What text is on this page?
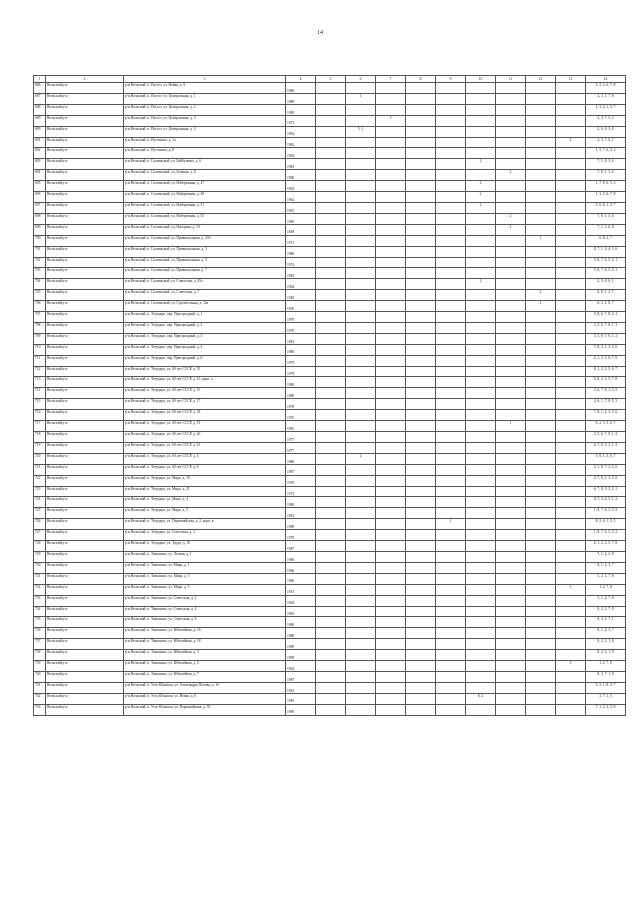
14
1	2	3	4	5	6	7	8	9	10	11	12	13	14
686	Вельский р-н	р-н Вельский, п. Погост, ул. Новая, д. 9	1986										1, 2, 3, 6, 7, 8
687	Вельский р-н	р-н Вельский, п. Погост, ул. Центральная, д. 1	1989		1								2, 3, 5, 7, 8
688	Вельский р-н	р-н Вельский, п. Погост, ул. Центральная, д. 2	1989										1, 3, 2, 1, 5, 7
689	Вельский р-н	р-н Вельский, п. Погост, ул. Центральная, д. 3	1972			3							2, 3, 7, 5, 2
690	Вельский р-н	р-н Вельский, п. Погост, ул. Центральная, д. 4	1992		5, 1								2, 6, 4, 3, 8
691	Вельский р-н	р-н Вельский, п. Пуставаль, д. 1а	1982									2	2, 3, 7, 6, 1
692	Вельский р-н	р-н Вельский, п. Пуставаль, д. 8	1992										1, 5, 7, 6, 3, 2
693	Вельский р-н	р-н Вельский, п. Солгинский, ул. Байбузенко, д. 6	1983						2				7, 1, 8, 3, 6
694	Вельский р-н	р-н Вельский, п. Солгинский, ул. Зеленая, д. 8	1980							2			7, 8, 1, 3, 6
695	Вельский р-н	р-н Вельский, п. Солгинский, ул. Набережная, д. 47	1963						2				1, 7, 8, 6, 5, 3
696	Вельский р-н	р-н Вельский, п. Солгинский, ул. Набережная, д. 49	1962						2				1, 3, 5, 6, 7, 8
697	Вельский р-н	р-н Вельский, п. Солгинский, ул. Набережная, д. 51	1991						2				5, 6, 8, 1, 3, 7
698	Вельский р-н	р-н Вельский, п. Солгинский, ул. Набережная, д. 55	1985							2			7, 8, 1, 3, 6
699	Вельский р-н	р-н Вельский, п. Солгинский, ул. Нагорная, д. 10	1849							2			7, 1, 3, 6, 8
700	Вельский р-н	р-н Вельский, п. Солгинский, ул. Привокзальная, д. 23б	1971								1		6, 8, 2, 7
701	Вельский р-н	р-н Вельский, п. Солгинский, ул. Привокзальная, д. 3	1980										8, 7, 1, 3, 4, 5, 6
702	Вельский р-н	р-н Вельский, п. Солгинский, ул. Привокзальная, д. 5	1974										3, 8, 7, 6, 5, 4, 1
703	Вельский р-н	р-н Вельский, п. Солгинский, ул. Привокзальная, д. 7	1983										5, 8, 7, 6, 5, 4, 1
704	Вельский р-н	р-н Вельский, п. Солгинский, ул. Советская, д. 45а	1962						2				2, 3, 8, 6, 1
705	Вельский р-н	р-н Вельский, п. Солгинский, ул. Советская, д. 7	1949								2		6, 8, 1, 2, 7
706	Вельский р-н	р-н Вельский, п. Солгинский, ул. Строительная, д. 12а	1950								2		6, 2, 1, 8, 7
707	Вельский р-н	р-н Вельский, п. Тегродно, пер. Пригородный, д. 1	1979										5, 8, 6, 7, 8, 2, 1
708	Вельский р-н	р-н Вельский, п. Тегродно, пер. Пригородный, д. 2	1978										2, 5, 6, 7, 8, 1, 3
709	Вельский р-н	р-н Вельский, п. Тегродно, пер. Пригородный, д. 3	1981										3, 5, 8, 7, 6, 1, 2
710	Вельский р-н	р-н Вельский, п. Тегродно, пер. Пригородный, д. 4	1980										7, 8, 2, 1, 3, 5, 6
711	Вельский р-н	р-н Вельский, п. Тегродно, пер. Пригородный, д. 6	1979										2, 1, 3, 5, 8, 7, 6
712	Вельский р-н	р-н Вельский, п. Тегродно, ул. 60 лет СССР, д. 55	1979										8, 1, 2, 3, 5, 6, 7
713	Вельский р-н	р-н Вельский, п. Тегродно, ул. 60 лет СССР, д. 13, корп. а	1980										6, 8, 2, 3, 5, 7, 8
714	Вельский р-н	р-н Вельский, п. Тегродно, ул. 60 лет СССР, д. 15	1980										2, 6, 7, 8, 1, 3, 5
715	Вельский р-н	р-н Вельский, п. Тегродно, ул. 60 лет СССР, д. 17	1978										2, 6, 1, 7, 8, 5, 3
716	Вельский р-н	р-н Вельский, п. Тегродно, ул. 60 лет СССР, д. 18	1976										7, 8, 1, 2, 3, 5, 6
717	Вельский р-н	р-н Вельский, п. Тегродно, ул. 60 лет СССР, д. 19	1981							1			8, 2, 3, 5, 6, 7
718	Вельский р-н	р-н Вельский, п. Тегродно, ул. 60 лет СССР, д. 20	1977										2, 5, 6, 7, 8, 1, 3
719	Вельский р-н	р-н Вельский, п. Тегродно, ул. 60 лет СССР, д. 23	1977										6, 7, 8, 3, 2, 1, 5
720	Вельский р-н	р-н Вельский, п. Тегродно, ул. 60 лет СССР, д. 4	1986		2								5, 8, 1, 3, 6, 7
721	Вельский р-н	р-н Вельский, п. Тегродно, ул. 60 лет СССР, д. 6	1987										3, 1, 8, 7, 2, 5, 6
722	Вельский р-н	р-н Вельский, п. Тегродно, ул. Мира, д. 19	1976										2, 7, 8, 1, 3, 5, 6
723	Вельский р-н	р-н Вельский, п. Тегродно, ул. Мира, д. 21	1972										6, 7, 8, 5, 3, 2, 1
724	Вельский р-н	р-н Вельский, п. Тегродно, ул. Мира, д. 4	1980										8, 7, 3, 6, 5, 1, 2
725	Вельский р-н	р-н Вельский, п. Тегродно, ул. Мира, д. 5	1981										1, 8, 7, 6, 3, 5, 2
726	Вельский р-н	р-н Вельский, п. Тегродно, ул. Первомайская, д. 2, корп. в	1989					1					8, 2, 6, 1, 3, 5
727	Вельский р-н	р-н Вельский, п. Тегродно, ул. Советская, д. 3	1979										1, 8, 7, 6, 5, 3, 2
728	Вельский р-н	р-н Вельский, п. Тегродно, ул. Труда, д. 10	1987										6, 1, 2, 3, 5, 7, 8
729	Вельский р-н	р-н Вельский, п. Тимонино, ул. Лесная, д. 1	1960										7, 1, 2, 3, 8
730	Вельский р-н	р-н Вельский, п. Тимонино, ул. Мира, д. 1	1966										8, 1, 2, 3, 7
731	Вельский р-н	р-н Вельский, п. Тимонино, ул. Мира, д. 3	1960										1, 2, 3, 7, 8
732	Вельский р-н	р-н Вельский, п. Тимонино, ул. Мира, д. 5	1951									3	1, 2, 7, 8
733	Вельский р-н	р-н Вельский, п. Тимонино, ул. Советская, д. 2	1964										3, 1, 2, 7, 8
734	Вельский р-н	р-н Вельский, п. Тимонино, ул. Советская, д. 4	1965										8, 2, 3, 7, 8
735	Вельский р-н	р-н Вельский, п. Тимонино, ул. Советская, д. 6	1960										8, 3, 2, 7, 1
736	Вельский р-н	р-н Вельский, п. Тимонино, ул. Юбилейная, д. 16	1988										8, 1, 2, 3, 7
737	Вельский р-н	р-н Вельский, п. Тимонино, ул. Юбилейная, д. 18	1990										8, 2, 3, 1, 8
738	Вельский р-н	р-н Вельский, п. Тимонино, ул. Юбилейная, д. 3	1999										8, 2, 3, 1, 8
739	Вельский р-н	р-н Вельский, п. Тимонино, ул. Юбилейная, д. 5	1962									3	1, 2, 7, 8
740	Вельский р-н	р-н Вельский, п. Тимонино, ул. Юбилейная, д. 7	1987										8, 3, 7, 1, 8
741	Вельский р-н	р-н Вельский, п. Усть-Шоноша, ул. Александра Попова, д. 1б	1981										5, 2, 1, 8, 3, 7
742	Вельский р-н	р-н Вельский, п. Усть-Шоноша, ул. Новая, д. 6	1985						8, 2				3, 7, 1, 5
743	Вельский р-н	р-н Вельский, п. Усть-Шоноша, ул. Первомайская, д. 55	1990										7, 1, 2, 3, 5, 8
